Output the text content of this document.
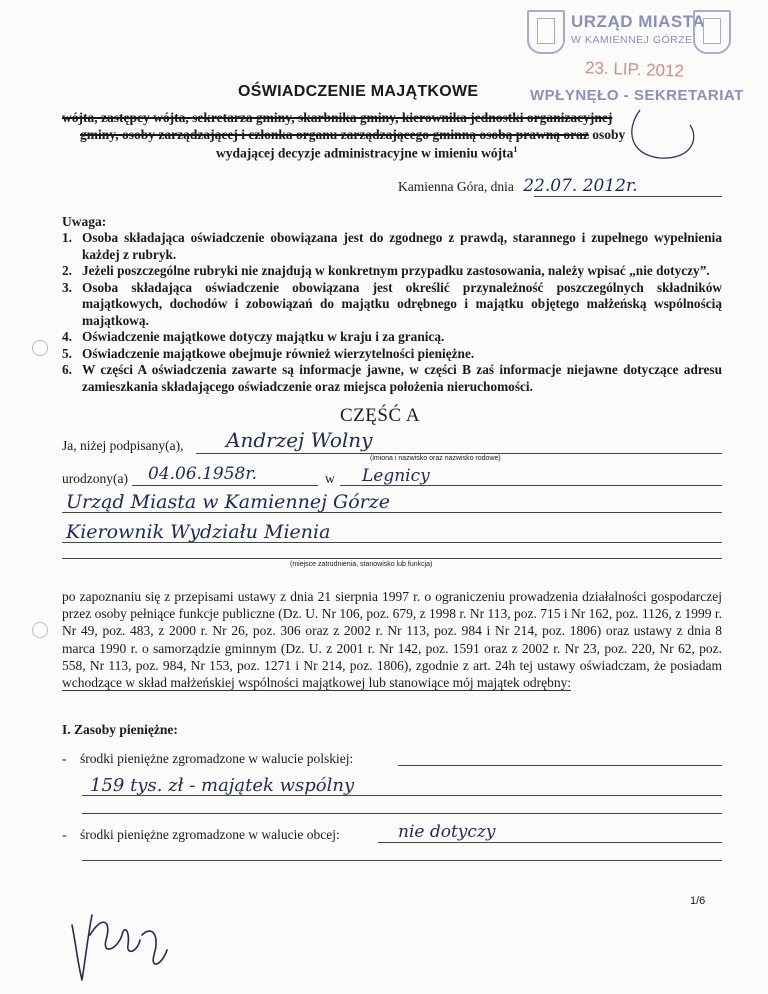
URZĄD MIASTA
W KAMIENNEJ GÓRZE
23. LIP. 2012
WPŁYNĘŁO - SEKRETARIAT
OŚWIADCZENIE MAJĄTKOWE
wójta, zastępcy wójta, sekretarza gminy, skarbnika gminy, kierownika jednostki organizacyjnej
gminy, osoby zarządzającej i członka organu zarządzającego gminną osobą prawną oraz osoby
wydającej decyzje administracyjne w imieniu wójta$^1$
Kamienna Góra, dnia 22.07. 2012r.
Uwaga:
1. Osoba składająca oświadczenie obowiązana jest do zgodnego z prawdą, starannego i zupełnego wypełnienia każdej z rubryk.
2. Jeżeli poszczególne rubryki nie znajdują w konkretnym przypadku zastosowania, należy wpisać „nie dotyczy”.
3. Osoba składająca oświadczenie obowiązana jest określić przynależność poszczególnych składników majątkowych, dochodów i zobowiązań do majątku odrębnego i majątku objętego małżeńską wspólnością majątkową.
4. Oświadczenie majątkowe dotyczy majątku w kraju i za granicą.
5. Oświadczenie majątkowe obejmuje również wierzytelności pieniężne.
6. W części A oświadczenia zawarte są informacje jawne, w części B zaś informacje niejawne dotyczące adresu zamieszkania składającego oświadczenie oraz miejsca położenia nieruchomości.
CZĘŚĆ A
Ja, niżej podpisany(a), Andrzej Wolny
(imiona i nazwisko oraz nazwisko rodowe)
urodzony(a) 04.06.1958r.	w Legnicy
Urząd Miasta w Kamiennej Górze
Kierownik Wydziału Mienia
(miejsce zatrudnienia, stanowisko lub funkcja)
po zapoznaniu się z przepisami ustawy z dnia 21 sierpnia 1997 r. o ograniczeniu prowadzenia działalności gospodarczej przez osoby pełniące funkcje publiczne (Dz. U. Nr 106, poz. 679, z 1998 r. Nr 113, poz. 715 i Nr 162, poz. 1126, z 1999 r. Nr 49, poz. 483, z 2000 r. Nr 26, poz. 306 oraz z 2002 r. Nr 113, poz. 984 i Nr 214, poz. 1806) oraz ustawy z dnia 8 marca 1990 r. o samorządzie gminnym (Dz. U. z 2001 r. Nr 142, poz. 1591 oraz z 2002 r. Nr 23, poz. 220, Nr 62, poz. 558, Nr 113, poz. 984, Nr 153, poz. 1271 i Nr 214, poz. 1806), zgodnie z art. 24h tej ustawy oświadczam, że posiadam wchodzące w skład małżeńskiej wspólności majątkowej lub stanowiące mój majątek odrębny:
I. Zasoby pieniężne:
-    środki pieniężne zgromadzone w walucie polskiej:
159 tys. zł - majątek wspólny
-    środki pieniężne zgromadzone w walucie obcej:	nie dotyczy
1/6
